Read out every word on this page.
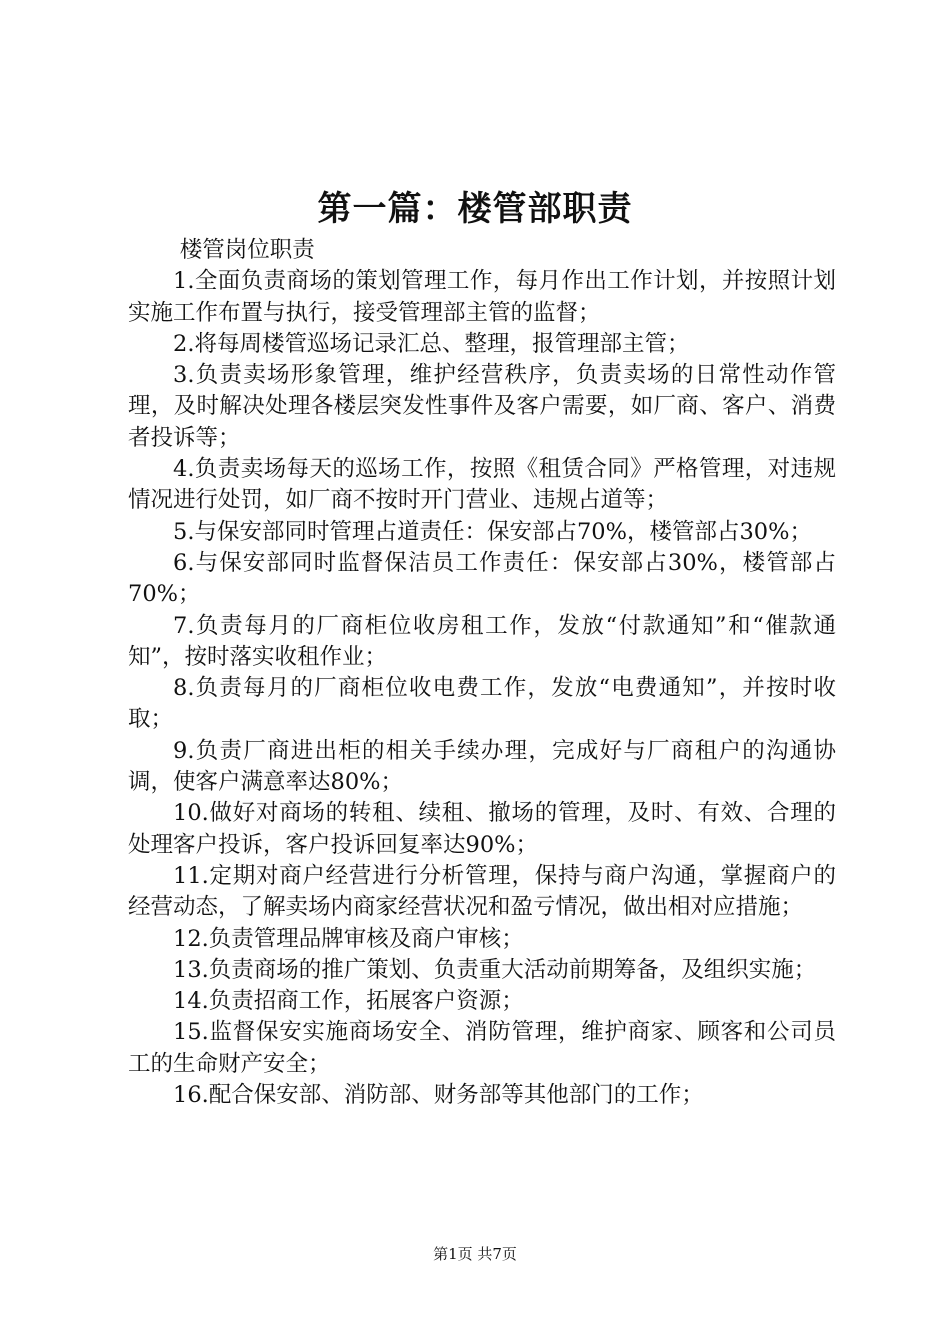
第一篇：楼管部职责

楼管岗位职责

1.全面负责商场的策划管理工作，每月作出工作计划，并按照计划实施工作布置与执行，接受管理部主管的监督；

2.将每周楼管巡场记录汇总、整理，报管理部主管；

3.负责卖场形象管理，维护经营秩序，负责卖场的日常性动作管理，及时解决处理各楼层突发性事件及客户需要，如厂商、客户、消费者投诉等；

4.负责卖场每天的巡场工作，按照《租赁合同》严格管理，对违规情况进行处罚，如厂商不按时开门营业、违规占道等；

5.与保安部同时管理占道责任：保安部占70%，楼管部占30%；

6.与保安部同时监督保洁员工作责任：保安部占30%，楼管部占70%；

7.负责每月的厂商柜位收房租工作，发放“付款通知”和“催款通知”，按时落实收租作业；

8.负责每月的厂商柜位收电费工作，发放“电费通知”，并按时收取；

9.负责厂商进出柜的相关手续办理，完成好与厂商租户的沟通协调，使客户满意率达80%；

10.做好对商场的转租、续租、撤场的管理，及时、有效、合理的处理客户投诉，客户投诉回复率达90%；

11.定期对商户经营进行分析管理，保持与商户沟通，掌握商户的经营动态，了解卖场内商家经营状况和盈亏情况，做出相对应措施；

12.负责管理品牌审核及商户审核；

13.负责商场的推广策划、负责重大活动前期筹备，及组织实施；

14.负责招商工作，拓展客户资源；

15.监督保安实施商场安全、消防管理，维护商家、顾客和公司员工的生命财产安全；

16.配合保安部、消防部、财务部等其他部门的工作；

第1页 共7页
